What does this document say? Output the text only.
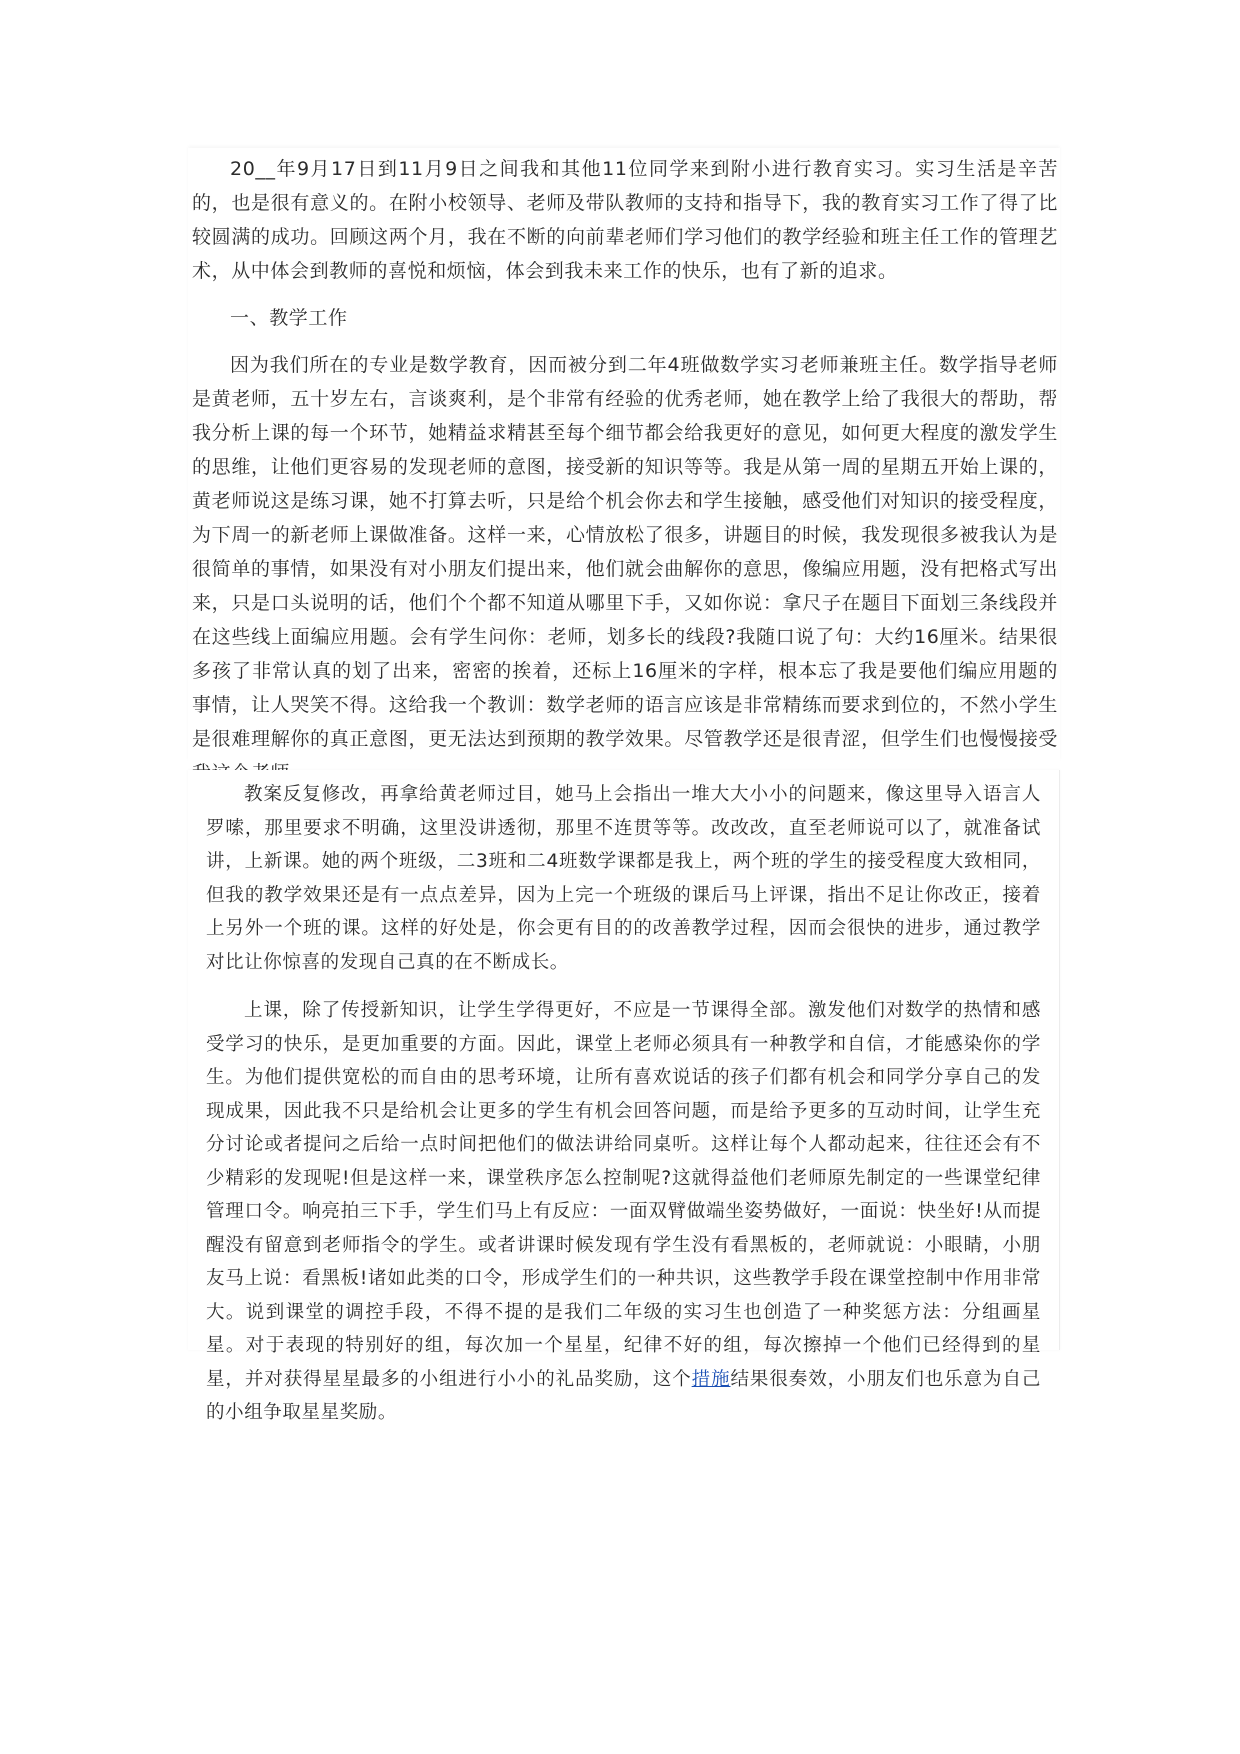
20__年9月17日到11月9日之间我和其他11位同学来到附小进行教育实习。实习生活是辛苦的，也是很有意义的。在附小校领导、老师及带队教师的支持和指导下，我的教育实习工作了得了比较圆满的成功。回顾这两个月，我在不断的向前辈老师们学习他们的教学经验和班主任工作的管理艺术，从中体会到教师的喜悦和烦恼，体会到我未来工作的快乐，也有了新的追求。

一、教学工作

因为我们所在的专业是数学教育，因而被分到二年4班做数学实习老师兼班主任。数学指导老师是黄老师，五十岁左右，言谈爽利，是个非常有经验的优秀老师，她在教学上给了我很大的帮助，帮我分析上课的每一个环节，她精益求精甚至每个细节都会给我更好的意见，如何更大程度的激发学生的思维，让他们更容易的发现老师的意图，接受新的知识等等。我是从第一周的星期五开始上课的，黄老师说这是练习课，她不打算去听，只是给个机会你去和学生接触，感受他们对知识的接受程度，为下周一的新老师上课做准备。这样一来，心情放松了很多，讲题目的时候，我发现很多被我认为是很简单的事情，如果没有对小朋友们提出来，他们就会曲解你的意思，像编应用题，没有把格式写出来，只是口头说明的话，他们个个都不知道从哪里下手，又如你说：拿尺子在题目下面划三条线段并在这些线上面编应用题。会有学生问你：老师，划多长的线段?我随口说了句：大约16厘米。结果很多孩了非常认真的划了出来，密密的挨着，还标上16厘米的字样，根本忘了我是要他们编应用题的事情，让人哭笑不得。这给我一个教训：数学老师的语言应该是非常精练而要求到位的，不然小学生是很难理解你的真正意图，更无法达到预期的教学效果。尽管教学还是很青涩，但学生们也慢慢接受

教案反复修改，再拿给黄老师过目，她马上会指出一堆大大小小的问题来，像这里导入语言人罗嗦，那里要求不明确，这里没讲透彻，那里不连贯等等。改改改，直至老师说可以了，就准备试讲，上新课。她的两个班级，二3班和二4班数学课都是我上，两个班的学生的接受程度大致相同，但我的教学效果还是有一点点差异，因为上完一个班级的课后马上评课，指出不足让你改正，接着上另外一个班的课。这样的好处是，你会更有目的的改善教学过程，因而会很快的进步，通过教学对比让你惊喜的发现自己真的在不断成长。

上课，除了传授新知识，让学生学得更好，不应是一节课得全部。激发他们对数学的热情和感受学习的快乐，是更加重要的方面。因此，课堂上老师必须具有一种教学和自信，才能感染你的学生。为他们提供宽松的而自由的思考环境，让所有喜欢说话的孩子们都有机会和同学分享自己的发现成果，因此我不只是给机会让更多的学生有机会回答问题，而是给予更多的互动时间，让学生充分讨论或者提问之后给一点时间把他们的做法讲给同桌听。这样让每个人都动起来，往往还会有不少精彩的发现呢!但是这样一来，课堂秩序怎么控制呢?这就得益他们老师原先制定的一些课堂纪律管理口令。响亮拍三下手，学生们马上有反应：一面双臂做端坐姿势做好，一面说：快坐好!从而提醒没有留意到老师指令的学生。或者讲课时候发现有学生没有看黑板的，老师就说：小眼睛，小朋友马上说：看黑板!诸如此类的口令，形成学生们的一种共识，这些教学手段在课堂控制中作用非常大。说到课堂的调控手段，不得不提的是我们二年级的实习生也创造了一种奖惩方法：分组画星星。对于表现的特别好的组，每次加一个星星，纪律不好的组，每次擦掉一个他们已经得到的星星，并对获得星星最多的小组进行小小的礼品奖励，这个措施结果很奏效，小朋友们也乐意为自己的小组争取星星奖励。
